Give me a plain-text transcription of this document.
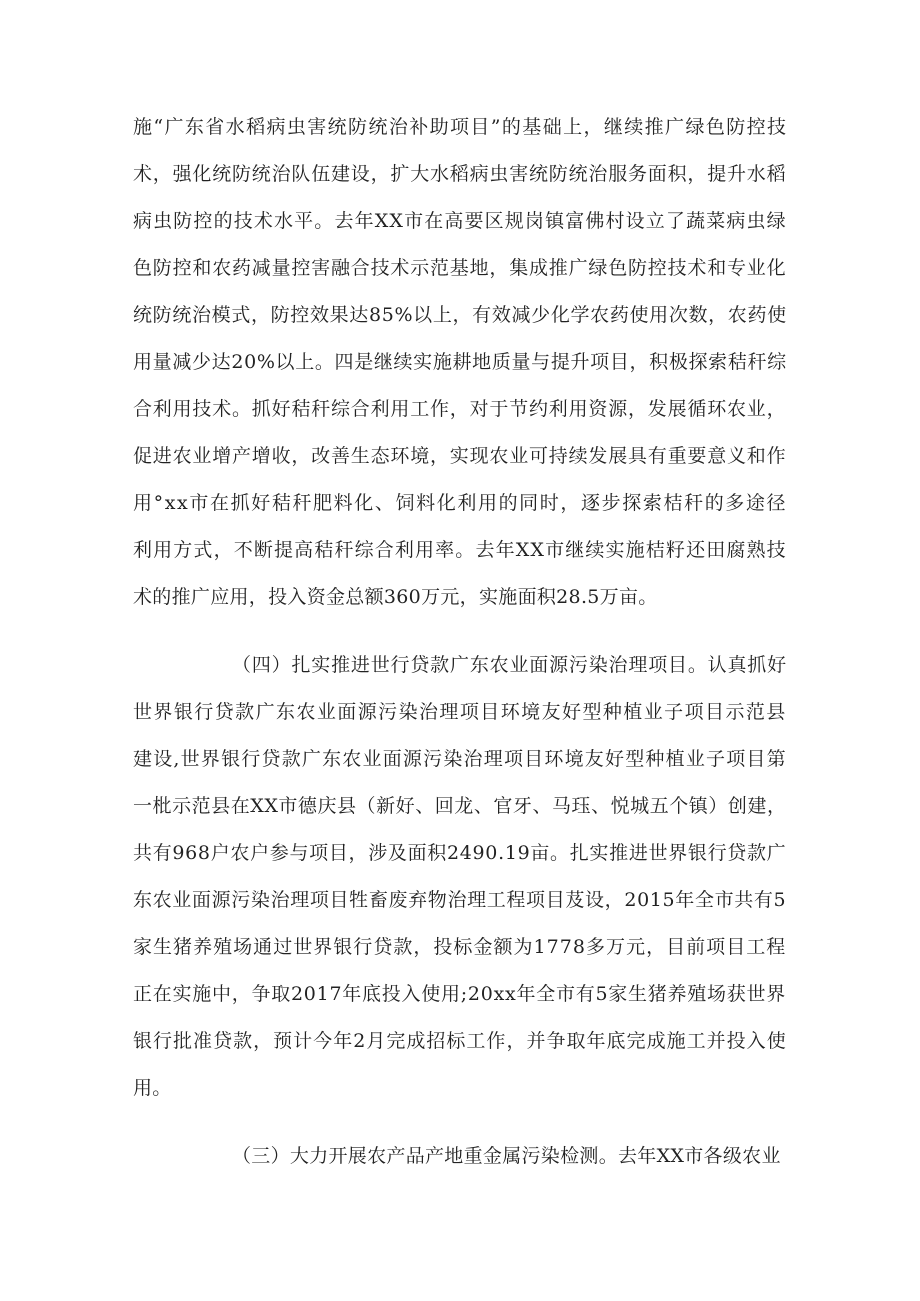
施“广东省水稻病虫害统防统治补助项目”的基础上，继续推广绿色防控技
术，强化统防统治队伍建设，扩大水稻病虫害统防统治服务面积，提升水稻
病虫防控的技术水平。去年XX市在高要区规岗镇富佛村设立了蔬菜病虫绿
色防控和农药减量控害融合技术示范基地，集成推广绿色防控技术和专业化
统防统治模式，防控效果达85%以上，有效减少化学农药使用次数，农药使
用量减少达20%以上。四是继续实施耕地质量与提升项目，积极探索秸秆综
合利用技术。抓好秸秆综合利用工作，对于节约利用资源，发展循环农业，
促进农业增产增收，改善生态环境，实现农业可持续发展具有重要意义和作
用°xx市在抓好秸秆肥料化、饲料化利用的同时，逐步探索桔秆的多途径
利用方式，不断提高秸秆综合利用率。去年XX市继续实施桔籽还田腐熟技
术的推广应用，投入资金总额360万元，实施面积28.5万亩。
（四）扎实推进世行贷款广东农业面源污染治理项目。认真抓好
世界银行贷款广东农业面源污染治理项目环境友好型种植业子项目示范县
建设,世界银行贷款广东农业面源污染治理项目环境友好型种植业子项目第
一枇示范县在XX市德庆县（新好、回龙、官牙、马珏、悦城五个镇）创建，
共有968户农户参与项目，涉及面积2490.19亩。扎实推进世界银行贷款广
东农业面源污染治理项目牲畜废弃物治理工程项目芨设，2015年全市共有5
家生猪养殖场通过世界银行贷款，投标金额为1778多万元，目前项目工程
正在实施中，争取2017年底投入使用;20xx年全市有5家生猪养殖场获世界
银行批准贷款，预计今年2月完成招标工作，并争取年底完成施工并投入使
用。
（三）大力开展农产品产地重金属污染检测。去年XX市各级农业
